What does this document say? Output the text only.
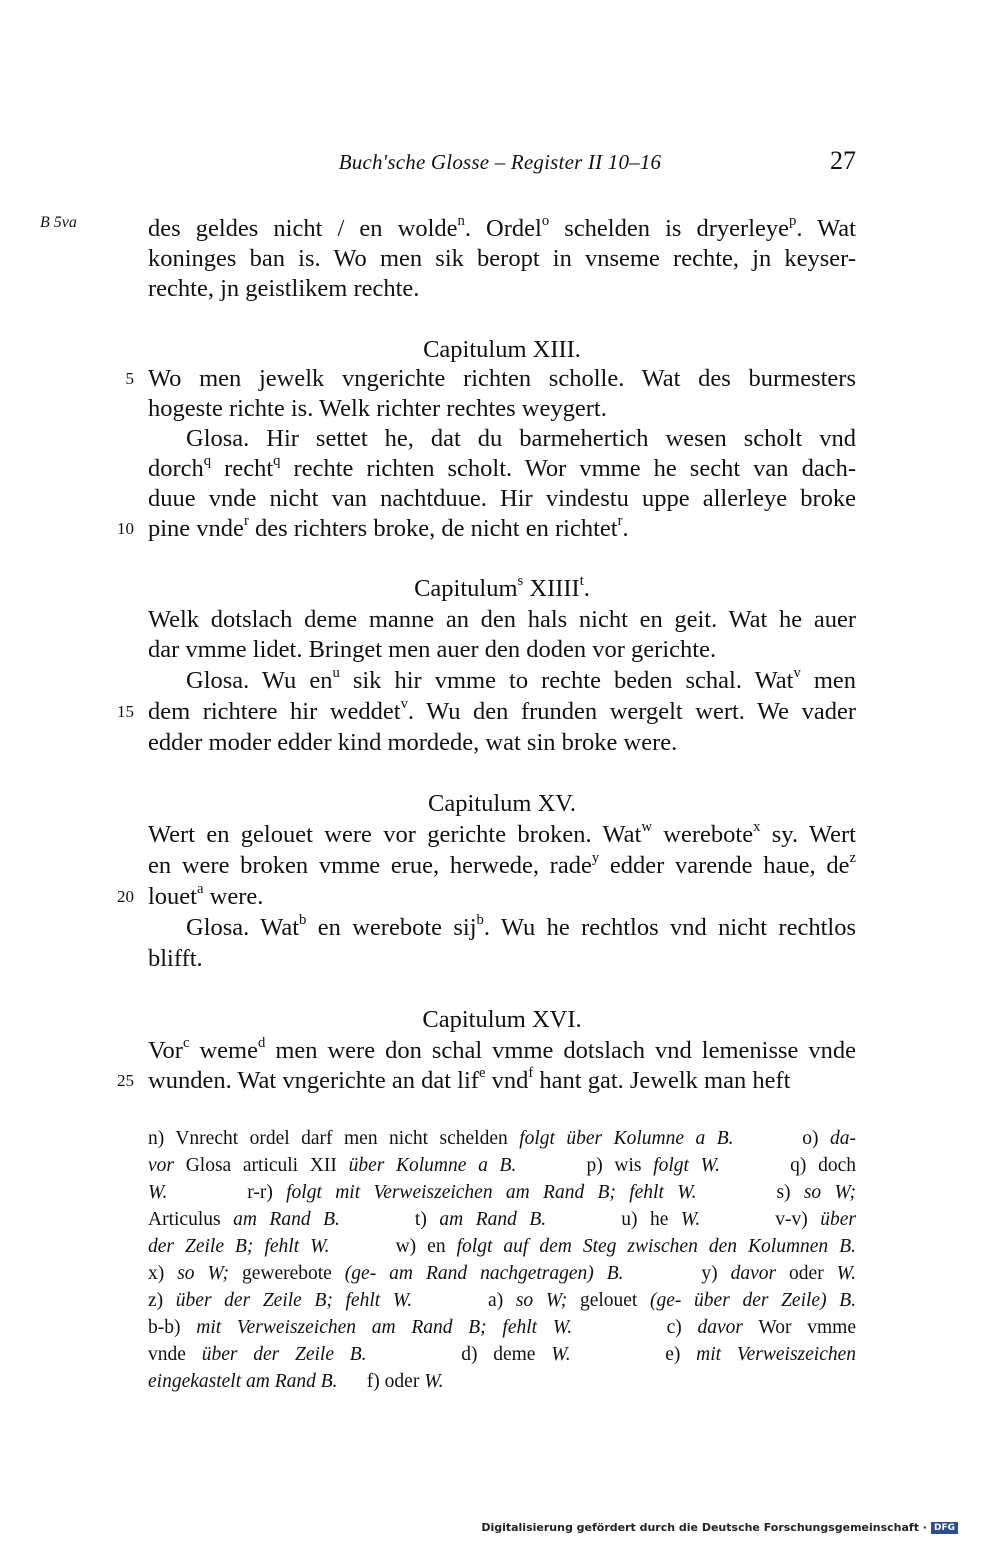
Buch'sche Glosse – Register II 10–16	27
B 5va	des geldes nicht / en wolde$^n$. Ordel$^o$ schelden is dryerleye$^p$. Wat
koninges ban is. Wo men sik beropt in vnseme rechte, jn keyser-
rechte, jn geistlikem rechte.
Capitulum XIII.
5 Wo men jewelk vngerichte richten scholle. Wat des burmesters
hogeste richte is. Welk richter rechtes weygert.
Glosa. Hir settet he, dat du barmehertich wesen scholt vnd
dorch$^q$ recht$^q$ rechte richten scholt. Wor vmme he secht van dach-
duue vnde nicht van nachtduue. Hir vindestu uppe allerleye broke
10 pine vnde$^r$ des richters broke, de nicht en richtet$^r$.
Capitulum$^s$ XIIII$^t$.
Welk dotslach deme manne an den hals nicht en geit. Wat he auer
dar vmme lidet. Bringet men auer den doden vor gerichte.
Glosa. Wu $en^u$ sik hir vmme to rechte beden schal. Wat$^v$ men
15 dem richtere hir weddet$^v$. Wu den frunden wergelt wert. We vader
edder moder edder kind mordede, wat sin broke were.
Capitulum XV.
Wert en gelouet were vor gerichte broken. Wat$^w$ werebote$^x$ sy. Wert
en were broken vmme erue, herwede, rade$^y$ edder varende haue, $de^z$
20 louet$^a$ were.
Glosa. Wat$^b$ en werebote sij$^b$. Wu he rechtlos vnd nicht rechtlos
blifft.
Capitulum XVI.
Vor$^c$ weme$^d$ men were don schal vmme dotslach vnd lemenisse vnde
25 wunden. Wat vngerichte an dat lif$^e$ vnd$^f$ hant gat. Jewelk man heft
n) Vnrecht ordel darf men nicht schelden folgt über Kolumne a B.      o) da-
vor Glosa articuli XII über Kolumne a B.      p) wis folgt W.      q) doch
W.      r-r) folgt mit Verweiszeichen am Rand B; fehlt W.      s) so W;
Articulus am Rand B.      t) am Rand B.      u) he W.      v-v) über
der Zeile B; fehlt W.      w) en folgt auf dem Steg zwischen den Kolumnen B.
x) so W; gewerebote (ge- am Rand nachgetragen) B.      y) davor oder W.
z) über der Zeile B; fehlt W.      a) so W; gelouet (ge- über der Zeile) B.
b-b) mit Verweiszeichen am Rand B; fehlt W.      c) davor Wor vmme
vnde über der Zeile B.      d) deme W.      e) mit Verweiszeichen
eingekastelt am Rand B.      f) oder W.
Digitalisierung gefördert durch die Deutsche Forschungsgemeinschaft · DFG
